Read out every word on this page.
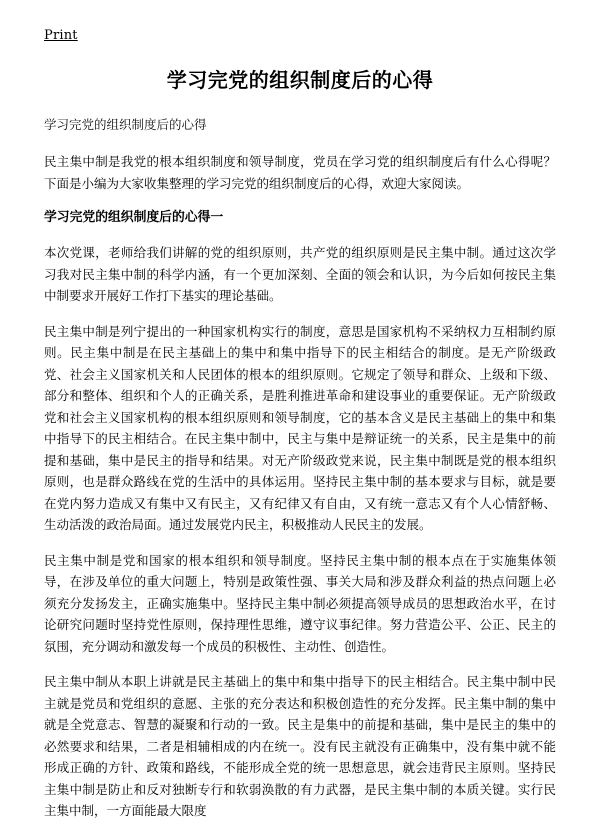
Print
学习完党的组织制度后的心得

学习完党的组织制度后的心得

民主集中制是我党的根本组织制度和领导制度，党员在学习党的组织制度后有什么心得呢？下面是小编为大家收集整理的学习完党的组织制度后的心得，欢迎大家阅读。

学习完党的组织制度后的心得一

本次党课，老师给我们讲解的党的组织原则，共产党的组织原则是民主集中制。通过这次学习我对民主集中制的科学内涵，有一个更加深刻、全面的领会和认识，为今后如何按民主集中制要求开展好工作打下基实的理论基础。

民主集中制是列宁提出的一种国家机构实行的制度，意思是国家机构不采纳权力互相制约原则。民主集中制是在民主基础上的集中和集中指导下的民主相结合的制度。是无产阶级政党、社会主义国家机关和人民团体的根本的组织原则。它规定了领导和群众、上级和下级、部分和整体、组织和个人的正确关系，是胜利推进革命和建设事业的重要保证。无产阶级政党和社会主义国家机构的根本组织原则和领导制度，它的基本含义是民主基础上的集中和集中指导下的民主相结合。在民主集中制中，民主与集中是辩证统一的关系，民主是集中的前提和基础，集中是民主的指导和结果。对无产阶级政党来说，民主集中制既是党的根本组织原则，也是群众路线在党的生活中的具体运用。坚持民主集中制的基本要求与目标，就是要在党内努力造成又有集中又有民主，又有纪律又有自由，又有统一意志又有个人心情舒畅、生动活泼的政治局面。通过发展党内民主，积极推动人民民主的发展。

民主集中制是党和国家的根本组织和领导制度。坚持民主集中制的根本点在于实施集体领导，在涉及单位的重大问题上，特别是政策性强、事关大局和涉及群众利益的热点问题上必须充分发扬发主，正确实施集中。坚持民主集中制必须提高领导成员的思想政治水平，在讨论研究问题时坚持党性原则，保持理性思维，遵守议事纪律。努力营造公平、公正、民主的氛围，充分调动和激发每一个成员的积极性、主动性、创造性。

民主集中制从本职上讲就是民主基础上的集中和集中指导下的民主相结合。民主集中制中民主就是党员和党组织的意愿、主张的充分表达和积极创造性的充分发挥。民主集中制的集中就是全党意志、智慧的凝聚和行动的一致。民主是集中的前提和基础，集中是民主的集中的必然要求和结果，二者是相辅相成的内在统一。没有民主就没有正确集中，没有集中就不能形成正确的方针、政策和路线，不能形成全党的统一思想意思，就会违背民主原则。坚持民主集中制是防止和反对独断专行和软弱涣散的有力武器，是民主集中制的本质关键。实行民主集中制，一方面能最大限度
